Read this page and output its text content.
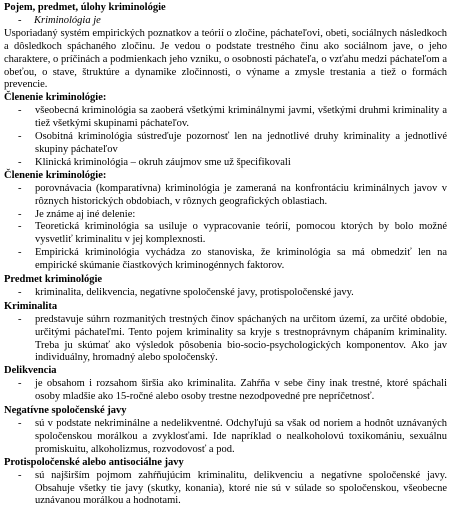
Pojem, predmet, úlohy kriminológie

- Kriminológia je

Usporiadaný systém empirických poznatkov a teórií o zločine, páchateľovi, obeti, sociálnych následkoch a dôsledkoch spáchaného zločinu. Je vedou o podstate trestného činu ako sociálnom jave, o jeho charaktere, o príčinách a podmienkach jeho vzniku, o osobnosti páchateľa, o vzťahu medzi páchateľom a obeťou, o stave, štruktúre a dynamike zločinnosti, o výname a zmysle trestania a tiež o formách prevencie.

Členenie kriminológie:

- všeobecná kriminológia sa zaoberá všetkými kriminálnymi javmi, všetkými druhmi kriminality a tiež všetkými skupinami páchateľov.
- Osobitná kriminológia sústreďuje pozornosť len na jednotlivé druhy kriminality a jednotlivé skupiny páchateľov
- Klinická kriminológia – okruh záujmov sme už špecifikovali

Členenie kriminológie:

- porovnávacia (komparatívna) kriminológia je zameraná na konfrontáciu kriminálnych javov v rôznych historických obdobiach, v rôznych geografických oblastiach.
- Je známe aj iné delenie:
- Teoretická kriminológia sa usiluje o vypracovanie teórií, pomocou ktorých by bolo možné vysvetliť kriminalitu v jej komplexnosti.
- Empirická kriminológia vychádza zo stanoviska, že kriminológia sa má obmedziť len na empirické skúmanie čiastkových kriminogénnych faktorov.

Predmet kriminológie

- kriminalita, delikvencia, negatívne spoločenské javy, protispoločenské javy.

Kriminalita

- predstavuje súhrn rozmanitých trestných činov spáchaných na určitom území, za určité obdobie, určitými páchateľmi. Tento pojem kriminality sa kryje s trestnoprávnym chápaním kriminality. Treba ju skúmať ako výsledok pôsobenia bio-socio-psychologických komponentov. Ako jav individuálny, hromadný alebo spoločenský.

Delikvencia

- je obsahom i rozsahom širšia ako kriminalita. Zahŕňa v sebe činy inak trestné, ktoré spáchali osoby mladšie ako 15-ročné alebo osoby trestne nezodpovedné pre nepríčetnosť.

Negatívne spoločenské javy

- sú v podstate nekriminálne a nedelikventné. Odchyľujú sa však od noriem a hodnôt uznávaných spoločenskou morálkou a zvyklosťami. Ide napríklad o nealkoholovú toxikomániu, sexuálnu promiskuitu, alkoholizmus, rozvodovosť a pod.

Protispoločenské alebo antisociálne javy

- sú najširším pojmom zahŕňujúcim kriminalitu, delikvenciu a negatívne spoločenské javy. Obsahuje všetky tie javy (skutky, konania), ktoré nie sú v súlade so spoločenskou, všeobecne uznávanou morálkou a hodnotami.
